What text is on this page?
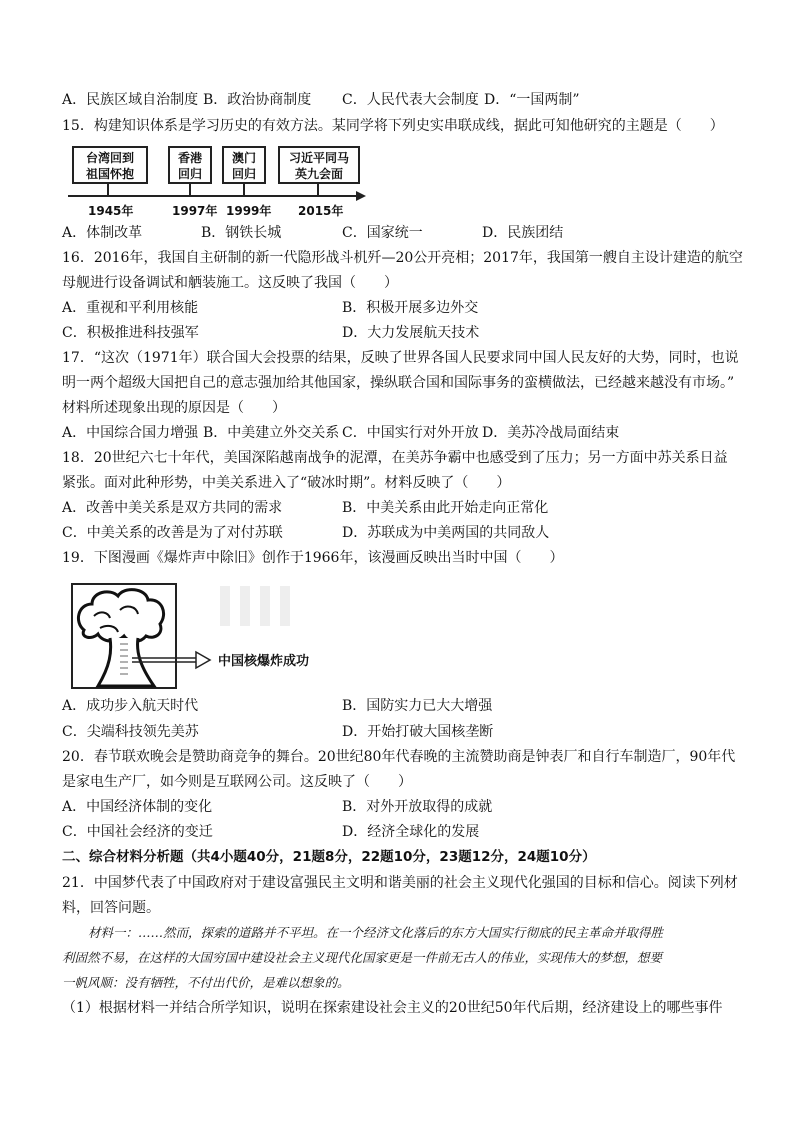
A．民族区域自治制度 B．政治协商制度 C．人民代表大会制度 D．“一国两制”
15．构建知识体系是学习历史的有效方法。某同学将下列史实串联成线，据此可知他研究的主题是（　　）
台湾回到
祖国怀抱
香港
回归
澳门
回归
习近平同马
英九会面
1945年	1997年 1999年 2015年
A．体制改革	B．钢铁长城	C．国家统一	D．民族团结
16．2016年，我国自主研制的新一代隐形战斗机歼—20公开亮相；2017年，我国第一艘自主设计建造的航空
母舰进行设备调试和舾装施工。这反映了我国（　　）
A．重视和平利用核能	B．积极开展多边外交
C．积极推进科技强军	D．大力发展航天技术
17．“这次（1971年）联合国大会投票的结果，反映了世界各国人民要求同中国人民友好的大势，同时，也说
明一两个超级大国把自己的意志强加给其他国家，操纵联合国和国际事务的蛮横做法，已经越来越没有市场。”
材料所述现象出现的原因是（　　）
A．中国综合国力增强 B．中美建立外交关系 C．中国实行对外开放 D．美苏冷战局面结束
18．20世纪六七十年代，美国深陷越南战争的泥潭，在美苏争霸中也感受到了压力；另一方面中苏关系日益
紧张。面对此种形势，中美关系进入了“破冰时期”。材料反映了（　　）
A．改善中美关系是双方共同的需求	B．中美关系由此开始走向正常化
C．中美关系的改善是为了对付苏联	D．苏联成为中美两国的共同敌人
19．下图漫画《爆炸声中除旧》创作于1966年，该漫画反映出当时中国（　　）
中国核爆炸成功
A．成功步入航天时代	B．国防实力已大大增强
C．尖端科技领先美苏	D．开始打破大国核垄断
20．春节联欢晚会是赞助商竞争的舞台。20世纪80年代春晚的主流赞助商是钟表厂和自行车制造厂，90年代
是家电生产厂，如今则是互联网公司。这反映了（　　）
A．中国经济体制的变化	B．对外开放取得的成就
C．中国社会经济的变迁	D．经济全球化的发展
二、综合材料分析题（共4小题40分，21题8分，22题10分，23题12分，24题10分）
21．中国梦代表了中国政府对于建设富强民主文明和谐美丽的社会主义现代化强国的目标和信心。阅读下列材
料，回答问题。
材料一：……然而，探索的道路并不平坦。在一个经济文化落后的东方大国实行彻底的民主革命并取得胜
利固然不易，在这样的大国穷国中建设社会主义现代化国家更是一件前无古人的伟业，实现伟大的梦想，想要
一帆风顺：没有牺牲，不付出代价，是难以想象的。
（1）根据材料一并结合所学知识，说明在探索建设社会主义的20世纪50年代后期，经济建设上的哪些事件
